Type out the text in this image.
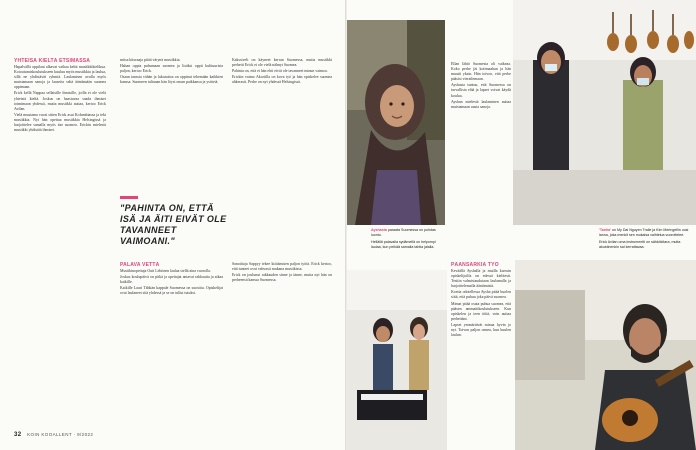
YHTEISÄ KIELTÄ ETSIMÄSSÄ

Hapalvällä oppilaat alkavat vaihaa kehit musiikkikielikua. Kotoutumiskoulutukseen kuuluu myös musiikkia ja laulua, sillä ne yhdistävät ryhmiä. Laulamisen avulla myös muistamaan sanoja ja lauseita sekä ääntämään suomea oppimaan.

Erick kellä Nappaa sellaisille ihmisille, joilla ei ole vielä yhteistä kieltä. Joskus on haastavaa saada ihmiset toimimaan yhdessä, mutta musiikki auttaa, kertoo Erick Avilan.

Vielä muutama vuosi sitten Erick asui Kolumbiassa ja teki musiikkia. Nyt hän opettaa musiikkia Helsingissä ja harjoittelee samalla myös itse suomea. Erickin mielestä musiikki yhdistää ihmiset.

mitsa kituraaja pitää värynä musiikkia.

Hahan oppia puhumaan suomea ja lisäksi oppii kulttuurista paljon, kertoo Erick.

Osaan tanssia vähän ja lukutaitoa on oppinut tekemään kaikkien kanssa. Suomeen tultuaan hän löysi oman paikkansa ja ystäviä.

Kakssivelt on käyneet kerran Suomessa, mutta musiikki perhetti Erick ei ole vielä nähnyt Suomea.

Pahinta on, että ei hän ehti eivät ole tavanneet minun vaimoa.

Erickin vaimo Akoriilla on kova työ ja hän opiskelee suomea ahkerasti. Perhe on nyt yhdessä Helsingissä.

"PAHINTA ON, ETTÄ ISÄ JA ÄITI EIVÄT OLE TAVANNEET VAIMOANI."
PALAVA VETTÄ

Musiikinopettaja Outi Lehtinen laulaa siellä aina vuorolla.

Joskus koulupäivä on pitkä ja opettajat antavat rakkautta ja aikaa kaikille.

Kaikille Lauri Tähkän kappale Suomessa on suosittu. Opiskelijat ovat laulaneet sitä yhdessä ja se on tullut tutuksi.

Sanoittaja Sappyy tekee kiittämisen paljon työtä. Erick kertoo, että tunteet ovat vahvasti mukana musiikissa.

Erick on joulunut rakkauden sinne ja tänne, mutta nyt hän on perheensä kanssa Suomessa.

32 KOIN KOOALLENT · 9/2022
Ayshasta paraata Suomessa on puhdas luonto.
Helläilä palavalla sydämellä on helpompi laulaa, kun pelkää samalla tahtia jalalla.
'Tanha' on My Dai Nguyen Tralie ja Kim Meringellin uusi lanna, joka menkit sen mukaisa vaihtelua vuorottelee.
Erick Avilan oma instrumentti on sähkökitara, mutta akustinenkin sai kerrattavaa.

Ellan lähtö Suomesta oli vaikeaa. Koko perhe jäi kotimaahan ja hän muutti yksin. Hän toivoo, että perhe pääsisi vierailemaan.

Ayshasta tuntuu, että Suomessa on turvallista elää ja lapset voivat käydä koulua.

Ayshan mielestä laulaminen auttaa muistamaan uusia sanoja.

PÄÄNSÄRKIÄ TYÖ

Keväällä Ayshalla ja muilla kurssin opiskelijoilla on edessä kielitesti. Testiin valmistaudutaan laulamalla ja harjoittelemalla ääntämistä.

Koetta odotellessa Aysha pitää huolen siitä, että puhuu joka päivä suomea.

Minun pitää osata puhua suomea, että pääsen ammattikoulutukseen. Kun opiskelen ja teen töitä, voin auttaa perhettäni.

Lapset ymmärtävät minua hyvin jo nyt. Toivon paljon onnea, kun kuulen laulun.
